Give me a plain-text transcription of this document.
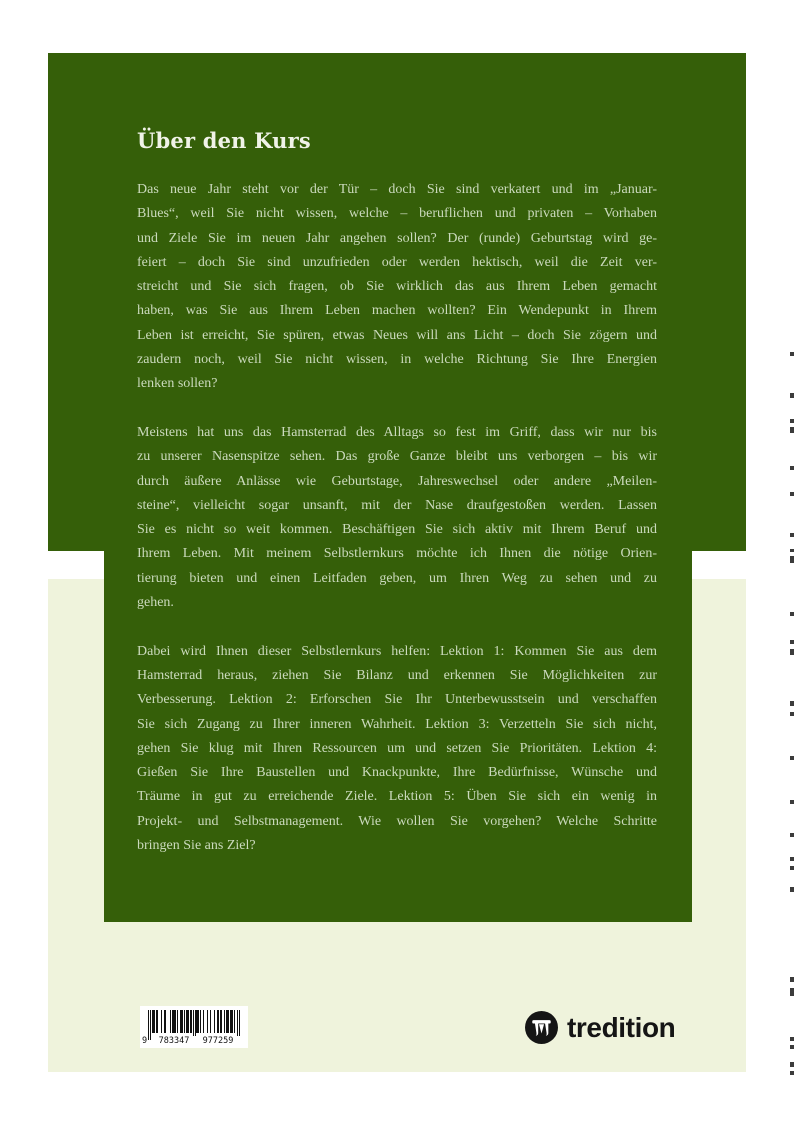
Über den Kurs
Das neue Jahr steht vor der Tür – doch Sie sind verkatert und im „Januar-
Blues“, weil Sie nicht wissen, welche – beruflichen und privaten – Vorhaben
und Ziele Sie im neuen Jahr angehen sollen? Der (runde) Geburtstag wird ge-
feiert – doch Sie sind unzufrieden oder werden hektisch, weil die Zeit ver-
streicht und Sie sich fragen, ob Sie wirklich das aus Ihrem Leben gemacht
haben, was Sie aus Ihrem Leben machen wollten? Ein Wendepunkt in Ihrem
Leben ist erreicht, Sie spüren, etwas Neues will ans Licht – doch Sie zögern und
zaudern noch, weil Sie nicht wissen, in welche Richtung Sie Ihre Energien
lenken sollen?
Meistens hat uns das Hamsterrad des Alltags so fest im Griff, dass wir nur bis
zu unserer Nasenspitze sehen. Das große Ganze bleibt uns verborgen – bis wir
durch äußere Anlässe wie Geburtstage, Jahreswechsel oder andere „Meilen-
steine“, vielleicht sogar unsanft, mit der Nase draufgestoßen werden. Lassen
Sie es nicht so weit kommen. Beschäftigen Sie sich aktiv mit Ihrem Beruf und
Ihrem Leben. Mit meinem Selbstlernkurs möchte ich Ihnen die nötige Orien-
tierung bieten und einen Leitfaden geben, um Ihren Weg zu sehen und zu
gehen.
Dabei wird Ihnen dieser Selbstlernkurs helfen: Lektion 1: Kommen Sie aus dem
Hamsterrad heraus, ziehen Sie Bilanz und erkennen Sie Möglichkeiten zur
Verbesserung. Lektion 2: Erforschen Sie Ihr Unterbewusstsein und verschaffen
Sie sich Zugang zu Ihrer inneren Wahrheit. Lektion 3: Verzetteln Sie sich nicht,
gehen Sie klug mit Ihren Ressourcen um und setzen Sie Prioritäten. Lektion 4:
Gießen Sie Ihre Baustellen und Knackpunkte, Ihre Bedürfnisse, Wünsche und
Träume in gut zu erreichende Ziele. Lektion 5: Üben Sie sich ein wenig in
Projekt- und Selbstmanagement. Wie wollen Sie vorgehen? Welche Schritte
bringen Sie ans Ziel?
9	783347	977259	tredition
